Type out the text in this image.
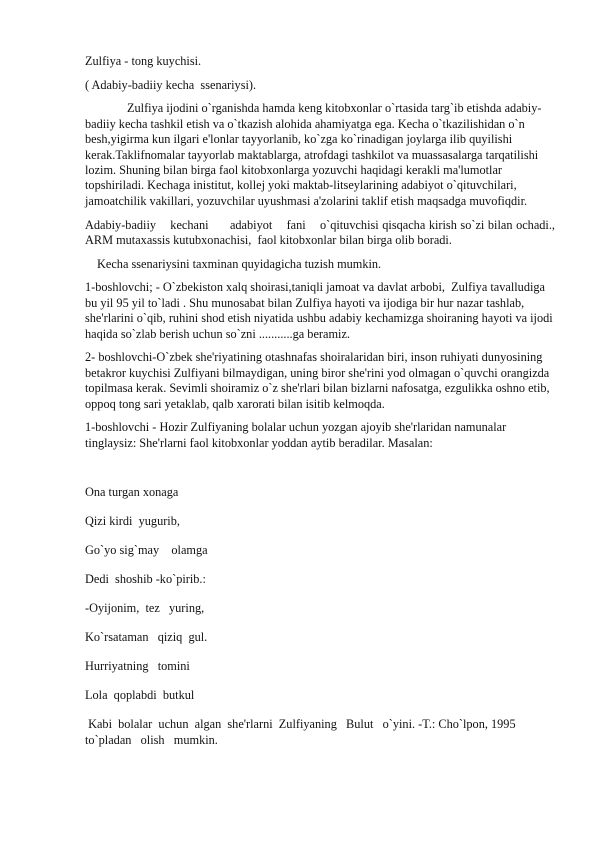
Zulfiya - tong kuychisi.

( Adabiy-badiiy kecha  ssenariysi).

Zulfiya ijodini o`rganishda hamda keng kitobxonlar o`rtasida targ`ib etishda adabiy-badiiy kecha tashkil etish va o`tkazish alohida ahamiyatga ega. Kecha o`tkazilishidan o`n besh,yigirma kun ilgari e'lonlar tayyorlanib, ko`zga ko`rinadigan joylarga ilib quyilishi kerak.Taklifnomalar tayyorlab maktablarga, atrofdagi tashkilot va muassasalarga tarqatilishi lozim. Shuning bilan birga faol kitobxonlarga yozuvchi haqidagi kerakli ma'lumotlar topshiriladi. Kechaga inistitut, kollej yoki maktab-litseylarining adabiyot o`qituvchilari, jamoatchilik vakillari, yozuvchilar uyushmasi a'zolarini taklif etish maqsadga muvofiqdir.

Adabiy-badiiy    kechani      adabiyot    fani    o`qituvchisi qisqacha kirish so`zi bilan ochadi., ARM mutaxassis kutubxonachisi,  faol kitobxonlar bilan birga olib boradi.

Kecha ssenariysini taxminan quyidagicha tuzish mumkin.

1-boshlovchi; - O`zbekiston xalq shoirasi,taniqli jamoat va davlat arbobi,  Zulfiya tavalludiga bu yil 95 yil to`ladi . Shu munosabat bilan Zulfiya hayoti va ijodiga bir hur nazar tashlab, she'rlarini o`qib, ruhini shod etish niyatida ushbu adabiy kechamizga shoiraning hayoti va ijodi haqida so`zlab berish uchun so`zni ...........ga beramiz.

2- boshlovchi-O`zbek she'riyatining otashnafas shoiralaridan biri, inson ruhiyati dunyosining betakror kuychisi Zulfiyani bilmaydigan, uning biror she'rini yod olmagan o`quvchi orangizda topilmasa kerak. Sevimli shoiramiz o`z she'rlari bilan bizlarni nafosatga, ezgulikka oshno etib, oppoq tong sari yetaklab, qalb xarorati bilan isitib kelmoqda.

1-boshlovchi - Hozir Zulfiyaning bolalar uchun yozgan ajoyib she'rlaridan namunalar tinglaysiz: She'rlarni faol kitobxonlar yoddan aytib beradilar. Masalan:

Ona turgan xonaga

Qizi kirdi  yugurib,

Go`yo sig`may    olamga

Dedi  shoshib -ko`pirib.:

-Oyijonim,  tez   yuring,

Ko`rsataman   qiziq  gul.

Hurriyatning   tomini

Lola  qoplabdi  butkul

Kabi  bolalar  uchun  algan  she'rlarni  Zulfiyaning   Bulut   o`yini. -T.: Cho`lpon, 1995 to`pladan   olish   mumkin.
